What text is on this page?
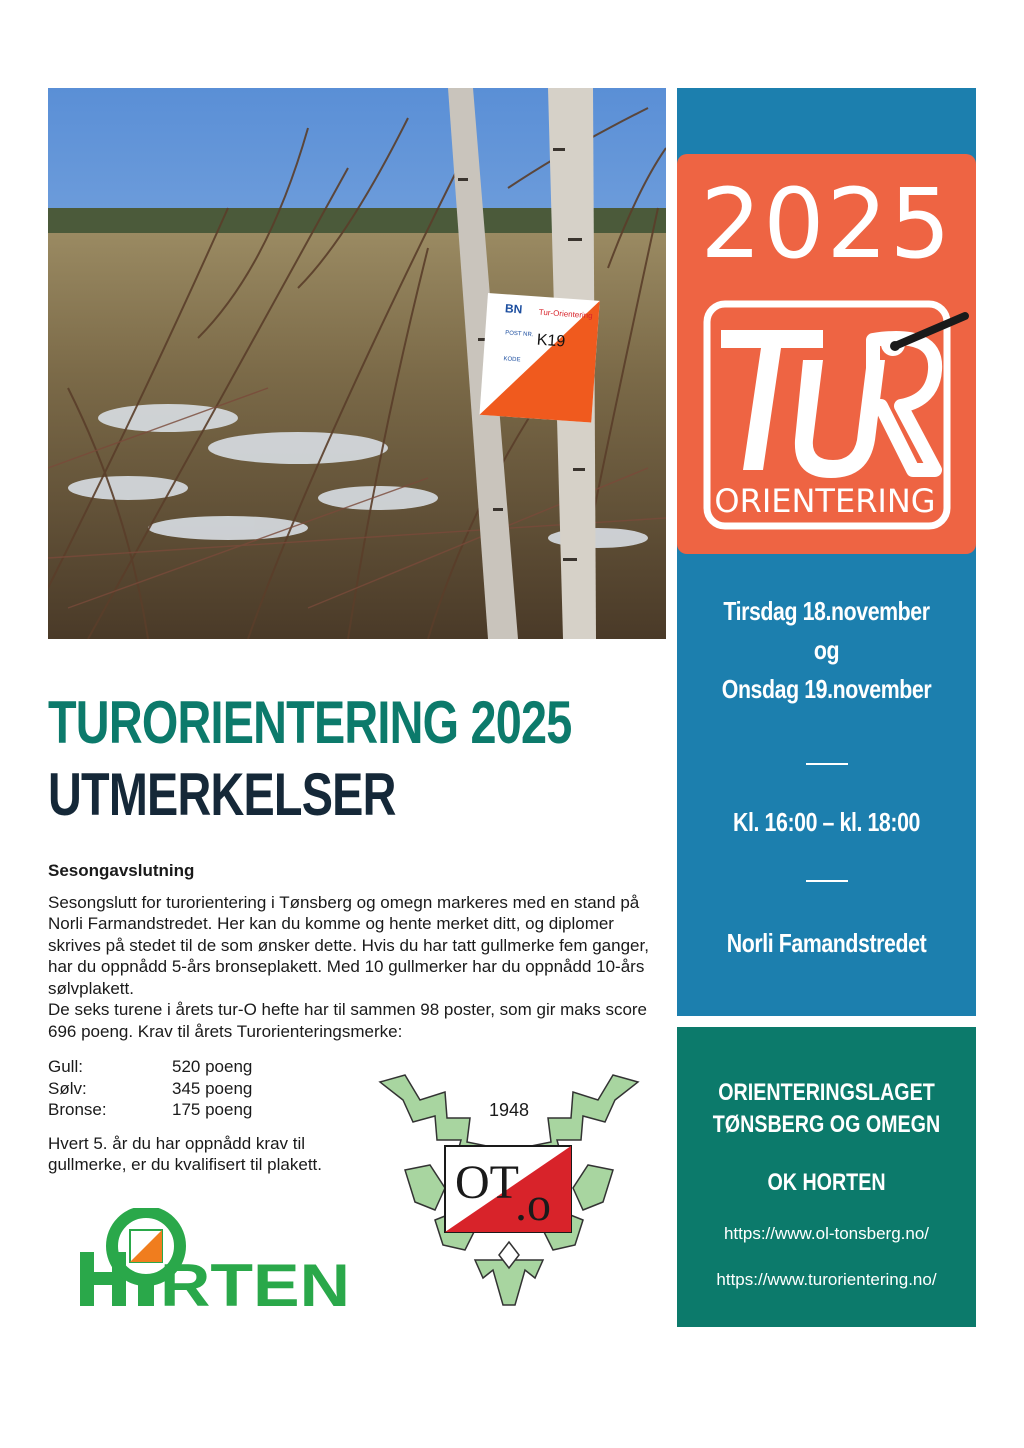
BN Tur-Orientering
POST NR. K19
KODE
2025
ORIENTERING
Tirsdag 18.november
og
Onsdag 19.november
Kl. 16:00 – kl. 18:00
Norli Famandstredet
ORIENTERINGSLAGET
TØNSBERG OG OMEGN
OK HORTEN
https://www.ol-tonsberg.no/
https://www.turorientering.no/
TURORIENTERING 2025
UTMERKELSER
Sesongavslutning

Sesongslutt for turorientering i Tønsberg og omegn markeres med en stand på Norli Farmandstredet. Her kan du komme og hente merket ditt, og diplomer skrives på stedet til de som ønsker dette. Hvis du har tatt gullmerke fem ganger, har du oppnådd 5-års bronseplakett. Med 10 gullmerker har du oppnådd 10-års sølvplakett.

De seks turene i årets tur-O hefte har til sammen 98 poster, som gir maks score 696 poeng. Krav til årets Turorienteringsmerke:

Gull:	520 poeng
Sølv:	345 poeng
Bronse:	175 poeng

Hvert 5. år du har oppnådd krav til gullmerke, er du kvalifisert til plakett.

RTEN
1948
OT
.o
